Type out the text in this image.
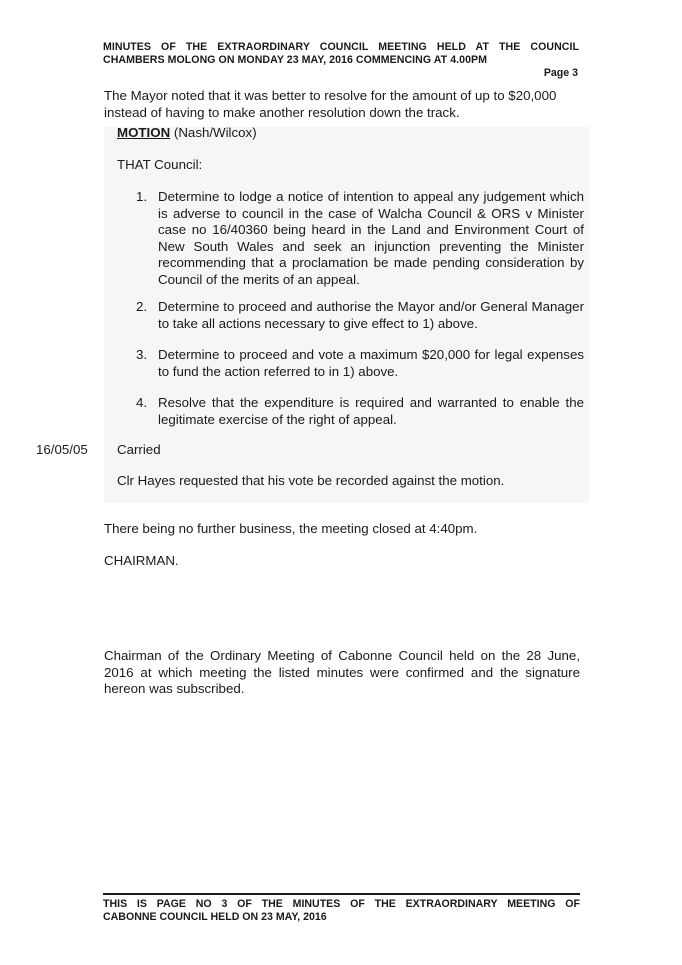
MINUTES OF THE EXTRAORDINARY COUNCIL MEETING HELD AT THE COUNCIL
CHAMBERS MOLONG ON MONDAY 23 MAY, 2016 COMMENCING AT 4.00PM
Page 3
The Mayor noted that it was better to resolve for the amount of up to $20,000 instead of having to make another resolution down the track.
MOTION (Nash/Wilcox)
THAT Council:
1. Determine to lodge a notice of intention to appeal any judgement which is adverse to council in the case of Walcha Council & ORS v Minister case no 16/40360 being heard in the Land and Environment Court of New South Wales and seek an injunction preventing the Minister recommending that a proclamation be made pending consideration by Council of the merits of an appeal.
2. Determine to proceed and authorise the Mayor and/or General Manager to take all actions necessary to give effect to 1) above.
3. Determine to proceed and vote a maximum $20,000 for legal expenses to fund the action referred to in 1) above.
4. Resolve that the expenditure is required and warranted to enable the legitimate exercise of the right of appeal.
16/05/05 Carried
Clr Hayes requested that his vote be recorded against the motion.
There being no further business, the meeting closed at 4:40pm.
CHAIRMAN.
Chairman of the Ordinary Meeting of Cabonne Council held on the 28 June, 2016 at which meeting the listed minutes were confirmed and the signature hereon was subscribed.
THIS IS PAGE NO 3 OF THE MINUTES OF THE EXTRAORDINARY MEETING OF
CABONNE COUNCIL HELD ON 23 MAY, 2016
